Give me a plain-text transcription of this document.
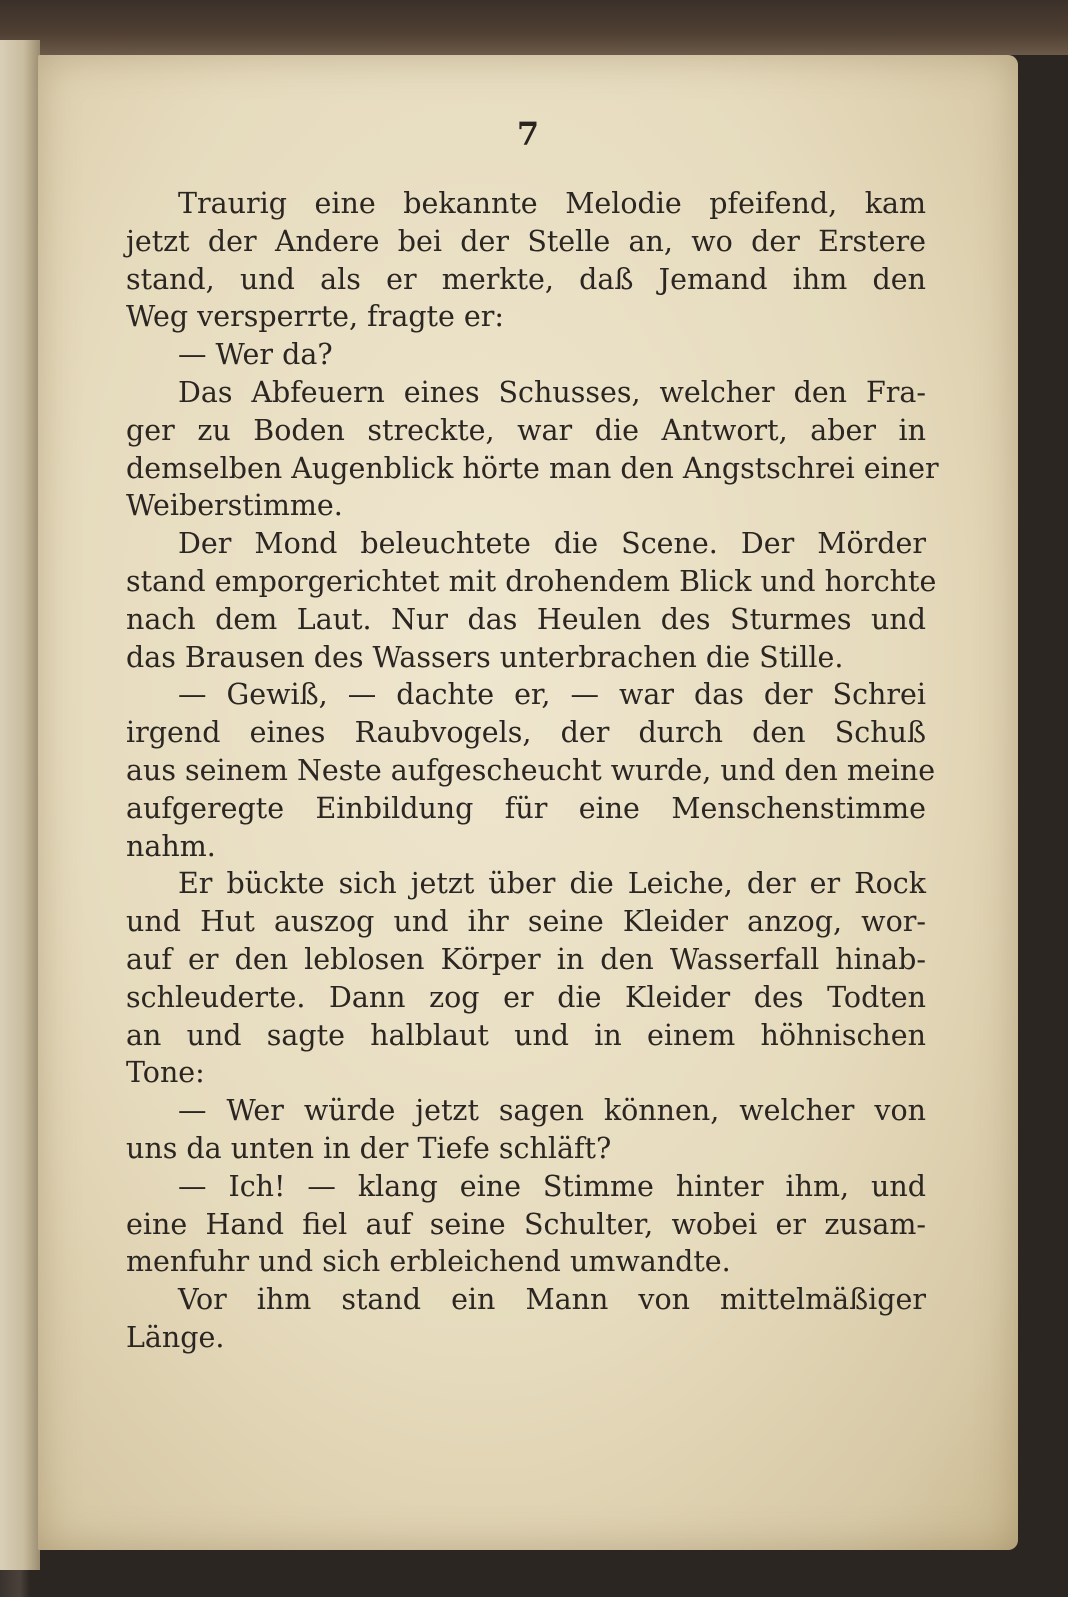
7
Traurig eine bekannte Melodie pfeifend, kam
jetzt der Andere bei der Stelle an, wo der Erstere
stand, und als er merkte, daß Jemand ihm den
Weg versperrte, fragte er:
— Wer da?
Das Abfeuern eines Schusses, welcher den Fra-
ger zu Boden streckte, war die Antwort, aber in
demselben Augenblick hörte man den Angstschrei einer
Weiberstimme.
Der Mond beleuchtete die Scene. Der Mörder
stand emporgerichtet mit drohendem Blick und horchte
nach dem Laut. Nur das Heulen des Sturmes und
das Brausen des Wassers unterbrachen die Stille.
— Gewiß, — dachte er, — war das der Schrei
irgend eines Raubvogels, der durch den Schuß
aus seinem Neste aufgescheucht wurde, und den meine
aufgeregte Einbildung für eine Menschenstimme
nahm.
Er bückte sich jetzt über die Leiche, der er Rock
und Hut auszog und ihr seine Kleider anzog, wor-
auf er den leblosen Körper in den Wasserfall hinab-
schleuderte. Dann zog er die Kleider des Todten
an und sagte halblaut und in einem höhnischen
Tone:
— Wer würde jetzt sagen können, welcher von
uns da unten in der Tiefe schläft?
— Ich! — klang eine Stimme hinter ihm, und
eine Hand fiel auf seine Schulter, wobei er zusam-
menfuhr und sich erbleichend umwandte.
Vor ihm stand ein Mann von mittelmäßiger
Länge.
